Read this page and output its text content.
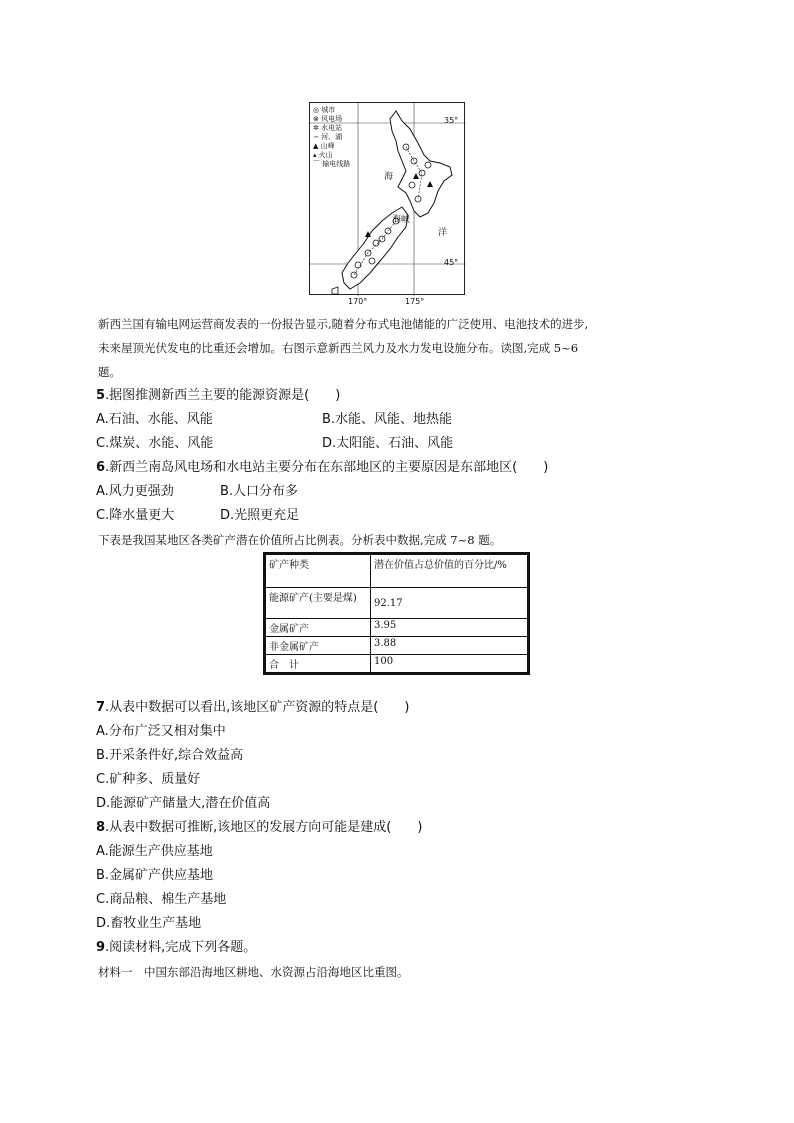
◎ 城市
⊗ 风电场
✲ 水电站
∽ 河、湖
▲ 山峰
▴ 火山
⌒ 输电线路
35°
45°
170°	175°
海
海峡
洋
新西兰国有输电网运营商发表的一份报告显示,随着分布式电池储能的广泛使用、电池技术的进步,
未来屋顶光伏发电的比重还会增加。右图示意新西兰风力及水力发电设施分布。读图,完成 5~6
题。
5.据图推测新西兰主要的能源资源是(　　)
A.石油、水能、风能	B.水能、风能、地热能
C.煤炭、水能、风能	D.太阳能、石油、风能
6.新西兰南岛风电场和水电站主要分布在东部地区的主要原因是东部地区(　　)
A.风力更强劲	B.人口分布多
C.降水量更大	D.光照更充足
下表是我国某地区各类矿产潜在价值所占比例表。分析表中数据,完成 7~8 题。
矿产种类	潜在价值占总价值的百分比/%
能源矿产(主要是煤)	92.17
金属矿产	3.95
非金属矿产	3.88
合　计	100
7.从表中数据可以看出,该地区矿产资源的特点是(　　)
A.分布广泛又相对集中
B.开采条件好,综合效益高
C.矿种多、质量好
D.能源矿产储量大,潜在价值高
8.从表中数据可推断,该地区的发展方向可能是建成(　　)
A.能源生产供应基地
B.金属矿产供应基地
C.商品粮、棉生产基地
D.畜牧业生产基地
9.阅读材料,完成下列各题。
材料一　中国东部沿海地区耕地、水资源占沿海地区比重图。
